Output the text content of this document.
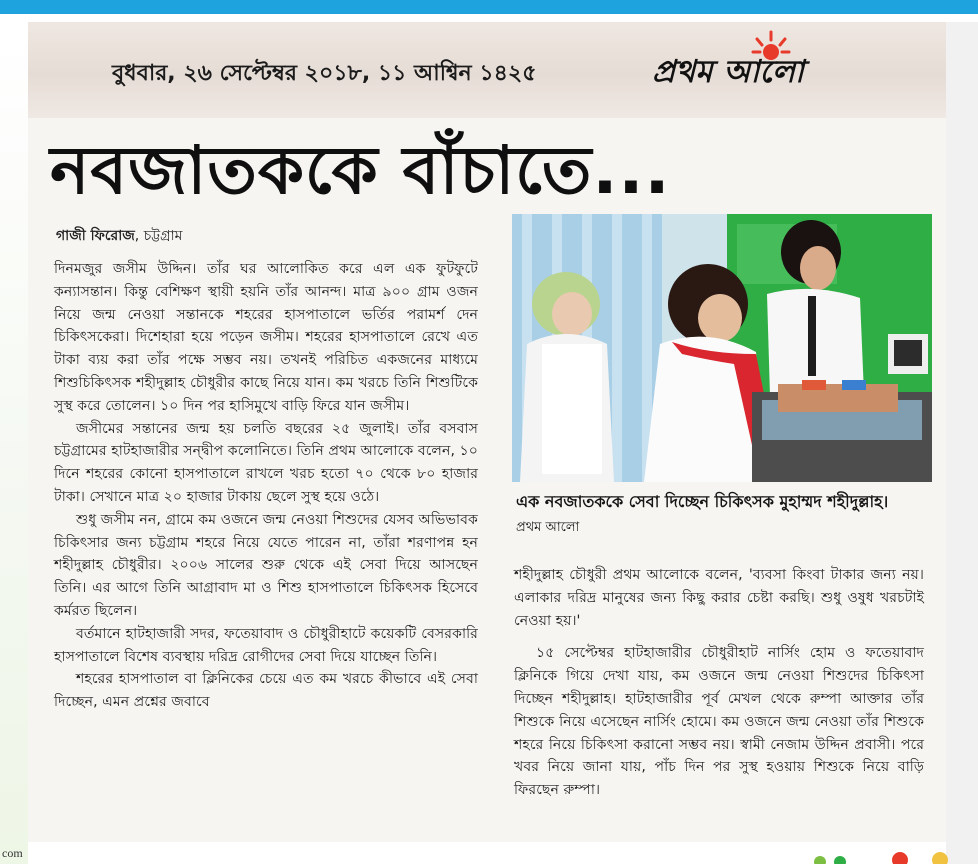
বুধবার, ২৬ সেপ্টেম্বর ২০১৮, ১১ আশ্বিন ১৪২৫	প্রথম আলো
নবজাতককে বাঁচাতে...
গাজী ফিরোজ, চট্টগ্রাম

দিনমজুর জসীম উদ্দিন। তাঁর ঘর আলোকিত করে এল এক ফুটফুটে কন্যাসন্তান। কিন্তু বেশিক্ষণ স্থায়ী হয়নি তাঁর আনন্দ। মাত্র ৯০০ গ্রাম ওজন নিয়ে জন্ম নেওয়া সন্তানকে শহরের হাসপাতালে ভর্তির পরামর্শ দেন চিকিৎসকেরা। দিশেহারা হয়ে পড়েন জসীম। শহরের হাসপাতালে রেখে এত টাকা ব্যয় করা তাঁর পক্ষে সম্ভব নয়। তখনই পরিচিত একজনের মাধ্যমে শিশুচিকিৎসক শহীদুল্লাহ চৌধুরীর কাছে নিয়ে যান। কম খরচে তিনি শিশুটিকে সুস্থ করে তোলেন। ১০ দিন পর হাসিমুখে বাড়ি ফিরে যান জসীম।

জসীমের সন্তানের জন্ম হয় চলতি বছরের ২৫ জুলাই। তাঁর বসবাস চট্টগ্রামের হাটহাজারীর সন্দ্বীপ কলোনিতে। তিনি প্রথম আলোকে বলেন, ১০ দিনে শহরের কোনো হাসপাতালে রাখলে খরচ হতো ৭০ থেকে ৮০ হাজার টাকা। সেখানে মাত্র ২০ হাজার টাকায় ছেলে সুস্থ হয়ে ওঠে।

শুধু জসীম নন, গ্রামে কম ওজনে জন্ম নেওয়া শিশুদের যেসব অভিভাবক চিকিৎসার জন্য চট্টগ্রাম শহরে নিয়ে যেতে পারেন না, তাঁরা শরণাপন্ন হন শহীদুল্লাহ চৌধুরীর। ২০০৬ সালের শুরু থেকে এই সেবা দিয়ে আসছেন তিনি। এর আগে তিনি আগ্রাবাদ মা ও শিশু হাসপাতালে চিকিৎসক হিসেবে কর্মরত ছিলেন।

বর্তমানে হাটহাজারী সদর, ফতেয়াবাদ ও চৌধুরীহাটে কয়েকটি বেসরকারি হাসপাতালে বিশেষ ব্যবস্থায় দরিদ্র রোগীদের সেবা দিয়ে যাচ্ছেন তিনি।

শহরের হাসপাতাল বা ক্লিনিকের চেয়ে এত কম খরচে কীভাবে এই সেবা দিচ্ছেন, এমন প্রশ্নের জবাবে

এক নবজাতককে সেবা দিচ্ছেন চিকিৎসক মুহাম্মদ শহীদুল্লাহ। প্রথম আলো

শহীদুল্লাহ চৌধুরী প্রথম আলোকে বলেন, 'ব্যবসা কিংবা টাকার জন্য নয়। এলাকার দরিদ্র মানুষের জন্য কিছু করার চেষ্টা করছি। শুধু ওষুধ খরচটাই নেওয়া হয়।'

১৫ সেপ্টেম্বর হাটহাজারীর চৌধুরীহাট নার্সিং হোম ও ফতেয়াবাদ ক্লিনিকে গিয়ে দেখা যায়, কম ওজনে জন্ম নেওয়া শিশুদের চিকিৎসা দিচ্ছেন শহীদুল্লাহ। হাটহাজারীর পূর্ব মেখল থেকে রুম্পা আক্তার তাঁর শিশুকে নিয়ে এসেছেন নার্সিং হোমে। কম ওজনে জন্ম নেওয়া তাঁর শিশুকে শহরে নিয়ে চিকিৎসা করানো সম্ভব নয়। স্বামী নেজাম উদ্দিন প্রবাসী। পরে খবর নিয়ে জানা যায়, পাঁচ দিন পর সুস্থ হওয়ায় শিশুকে নিয়ে বাড়ি ফিরছেন রুম্পা।

com
